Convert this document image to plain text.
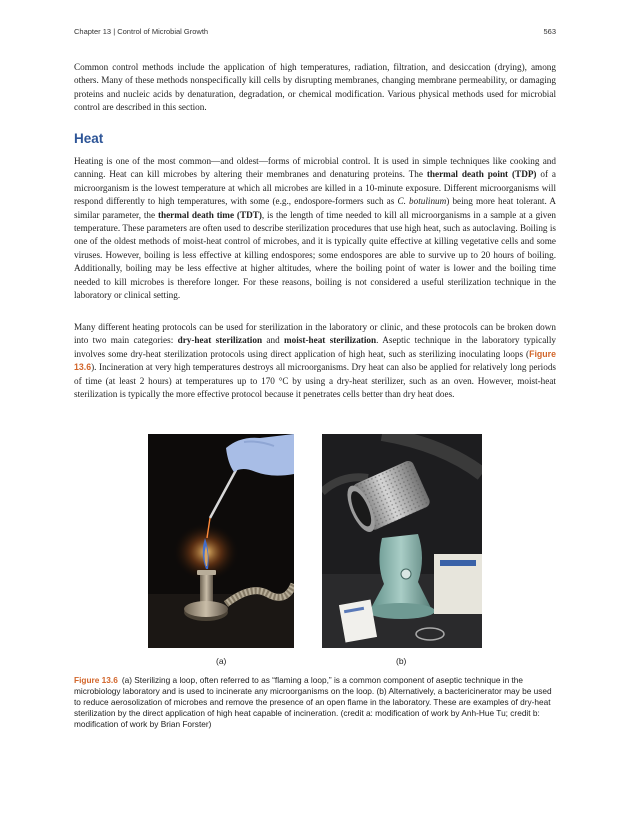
Chapter 13 | Control of Microbial Growth	563

Common control methods include the application of high temperatures, radiation, filtration, and desiccation (drying), among others. Many of these methods nonspecifically kill cells by disrupting membranes, changing membrane permeability, or damaging proteins and nucleic acids by denaturation, degradation, or chemical modification. Various physical methods used for microbial control are described in this section.

Heat

Heating is one of the most common—and oldest—forms of microbial control. It is used in simple techniques like cooking and canning. Heat can kill microbes by altering their membranes and denaturing proteins. The thermal death point (TDP) of a microorganism is the lowest temperature at which all microbes are killed in a 10-minute exposure. Different microorganisms will respond differently to high temperatures, with some (e.g., endospore-formers such as C. botulinum) being more heat tolerant. A similar parameter, the thermal death time (TDT), is the length of time needed to kill all microorganisms in a sample at a given temperature. These parameters are often used to describe sterilization procedures that use high heat, such as autoclaving. Boiling is one of the oldest methods of moist-heat control of microbes, and it is typically quite effective at killing vegetative cells and some viruses. However, boiling is less effective at killing endospores; some endospores are able to survive up to 20 hours of boiling. Additionally, boiling may be less effective at higher altitudes, where the boiling point of water is lower and the boiling time needed to kill microbes is therefore longer. For these reasons, boiling is not considered a useful sterilization technique in the laboratory or clinical setting.

Many different heating protocols can be used for sterilization in the laboratory or clinic, and these protocols can be broken down into two main categories: dry-heat sterilization and moist-heat sterilization. Aseptic technique in the laboratory typically involves some dry-heat sterilization protocols using direct application of high heat, such as sterilizing inoculating loops (Figure 13.6). Incineration at very high temperatures destroys all microorganisms. Dry heat can also be applied for relatively long periods of time (at least 2 hours) at temperatures up to 170 °C by using a dry-heat sterilizer, such as an oven. However, moist-heat sterilization is typically the more effective protocol because it penetrates cells better than dry heat does.

(a)	(b)

Figure 13.6 (a) Sterilizing a loop, often referred to as “flaming a loop,” is a common component of aseptic technique in the microbiology laboratory and is used to incinerate any microorganisms on the loop. (b) Alternatively, a bactericinerator may be used to reduce aerosolization of microbes and remove the presence of an open flame in the laboratory. These are examples of dry-heat sterilization by the direct application of high heat capable of incineration. (credit a: modification of work by Anh-Hue Tu; credit b: modification of work by Brian Forster)
